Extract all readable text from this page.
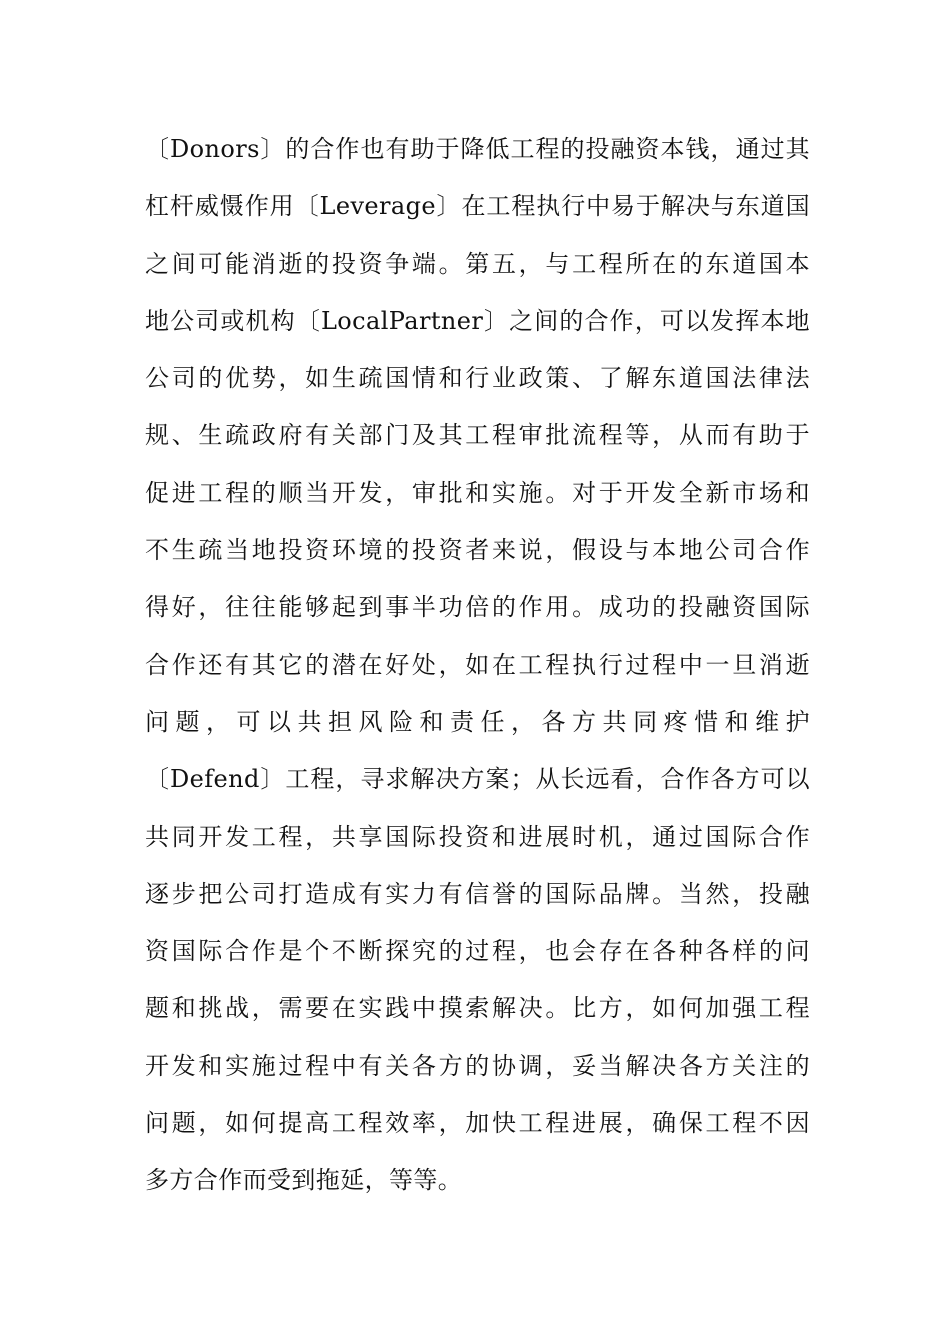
〔Donors〕的合作也有助于降低工程的投融资本钱，通过其
杠杆威慑作用〔Leverage〕在工程执行中易于解决与东道国
之间可能消逝的投资争端。第五，与工程所在的东道国本
地公司或机构〔LocalPartner〕之间的合作，可以发挥本地
公司的优势，如生疏国情和行业政策、了解东道国法律法
规、生疏政府有关部门及其工程审批流程等，从而有助于
促进工程的顺当开发，审批和实施。对于开发全新市场和
不生疏当地投资环境的投资者来说，假设与本地公司合作
得好，往往能够起到事半功倍的作用。成功的投融资国际
合作还有其它的潜在好处，如在工程执行过程中一旦消逝
问题，可以共担风险和责任，各方共同疼惜和维护
〔Defend〕工程，寻求解决方案；从长远看，合作各方可以
共同开发工程，共享国际投资和进展时机，通过国际合作
逐步把公司打造成有实力有信誉的国际品牌。当然，投融
资国际合作是个不断探究的过程，也会存在各种各样的问
题和挑战，需要在实践中摸索解决。比方，如何加强工程
开发和实施过程中有关各方的协调，妥当解决各方关注的
问题，如何提高工程效率，加快工程进展，确保工程不因
多方合作而受到拖延，等等。
